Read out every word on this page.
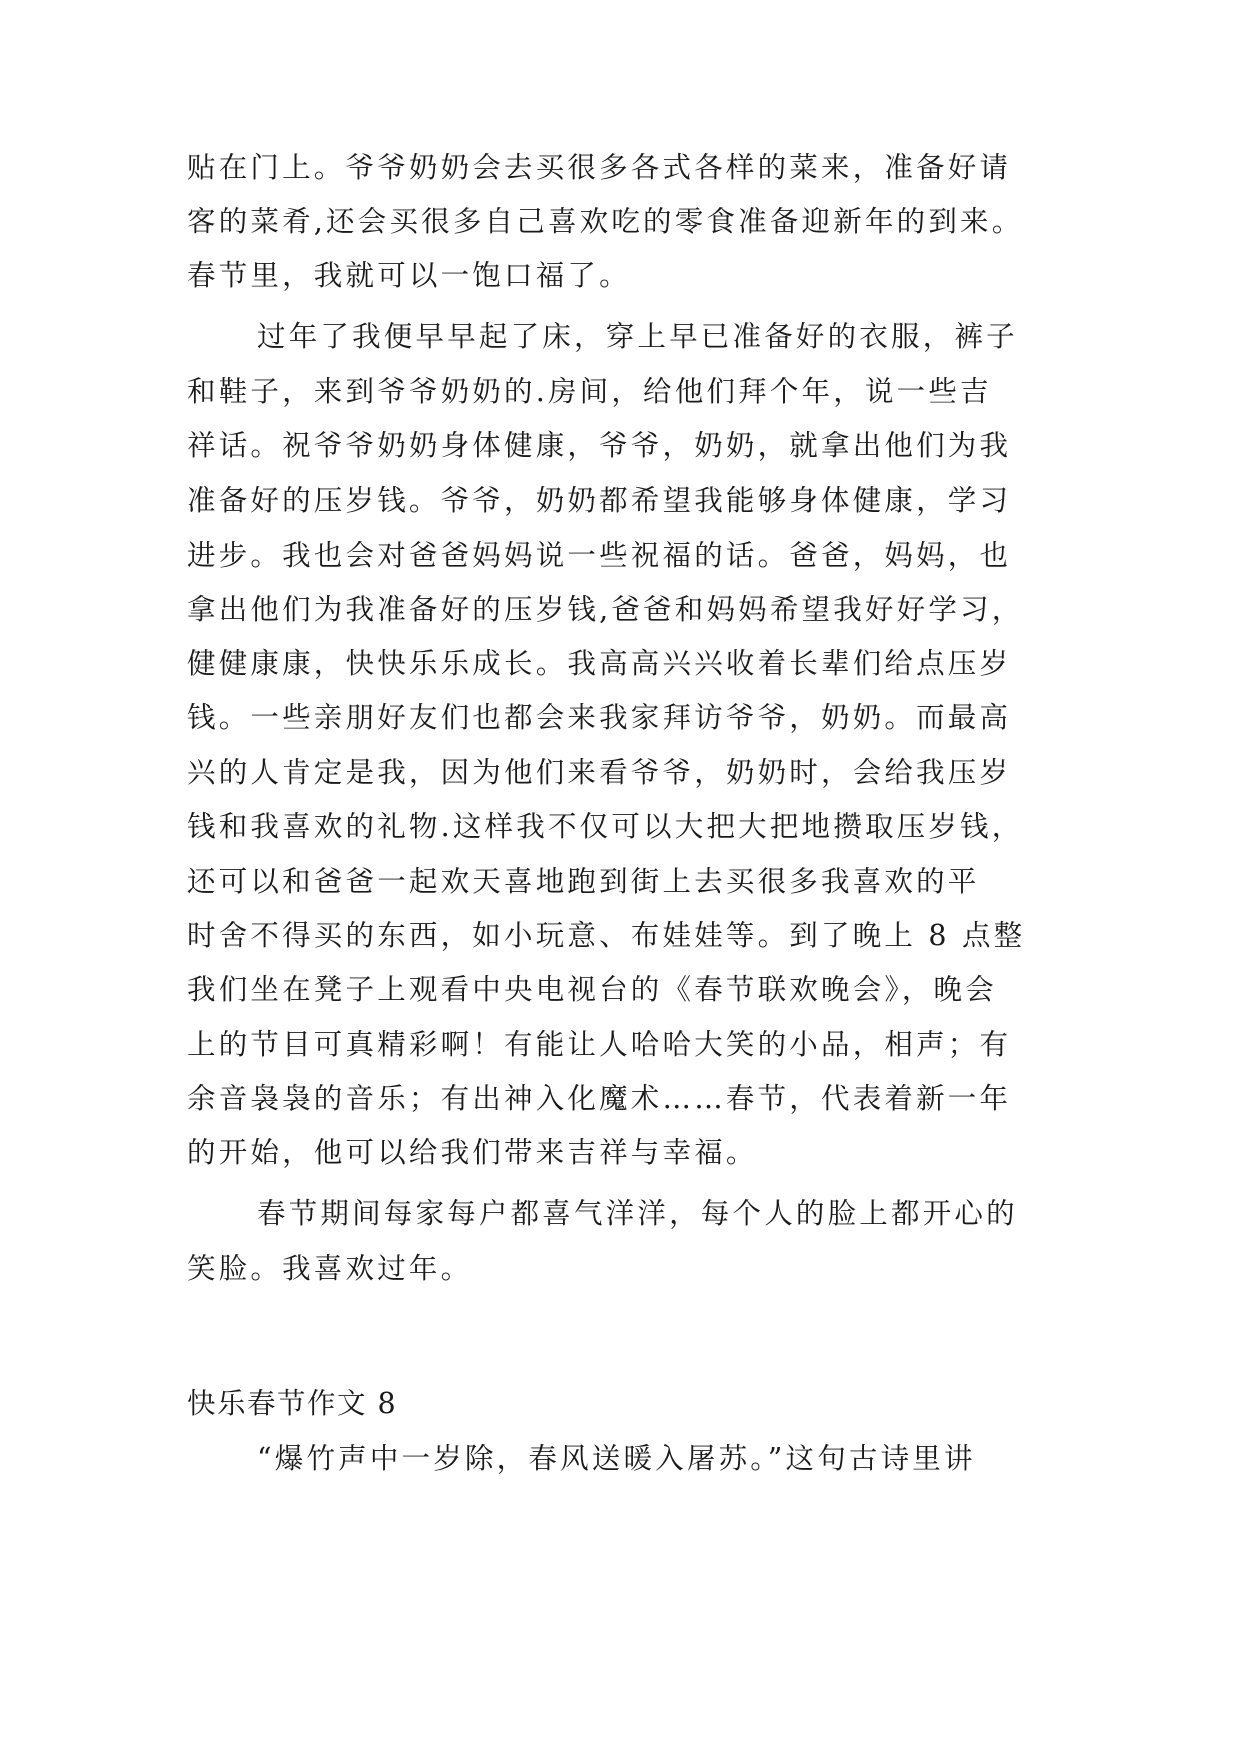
贴在门上。爷爷奶奶会去买很多各式各样的菜来，准备好请
客的菜肴,还会买很多自己喜欢吃的零食准备迎新年的到来。
春节里，我就可以一饱口福了。
过年了我便早早起了床，穿上早已准备好的衣服，裤子
和鞋子，来到爷爷奶奶的.房间，给他们拜个年，说一些吉
祥话。祝爷爷奶奶身体健康，爷爷，奶奶，就拿出他们为我
准备好的压岁钱。爷爷，奶奶都希望我能够身体健康，学习
进步。我也会对爸爸妈妈说一些祝福的话。爸爸，妈妈，也
拿出他们为我准备好的压岁钱,爸爸和妈妈希望我好好学习，
健健康康，快快乐乐成长。我高高兴兴收着长辈们给点压岁
钱。一些亲朋好友们也都会来我家拜访爷爷，奶奶。而最高
兴的人肯定是我，因为他们来看爷爷，奶奶时，会给我压岁
钱和我喜欢的礼物.这样我不仅可以大把大把地攒取压岁钱，
还可以和爸爸一起欢天喜地跑到街上去买很多我喜欢的平
时舍不得买的东西，如小玩意、布娃娃等。到了晚上 8 点整
我们坐在凳子上观看中央电视台的《春节联欢晚会》，晚会
上的节目可真精彩啊！有能让人哈哈大笑的小品，相声；有
余音袅袅的音乐；有出神入化魔术……春节，代表着新一年
的开始，他可以给我们带来吉祥与幸福。
春节期间每家每户都喜气洋洋，每个人的脸上都开心的
笑脸。我喜欢过年。
快乐春节作文 8
“爆竹声中一岁除，春风送暖入屠苏。”这句古诗里讲
